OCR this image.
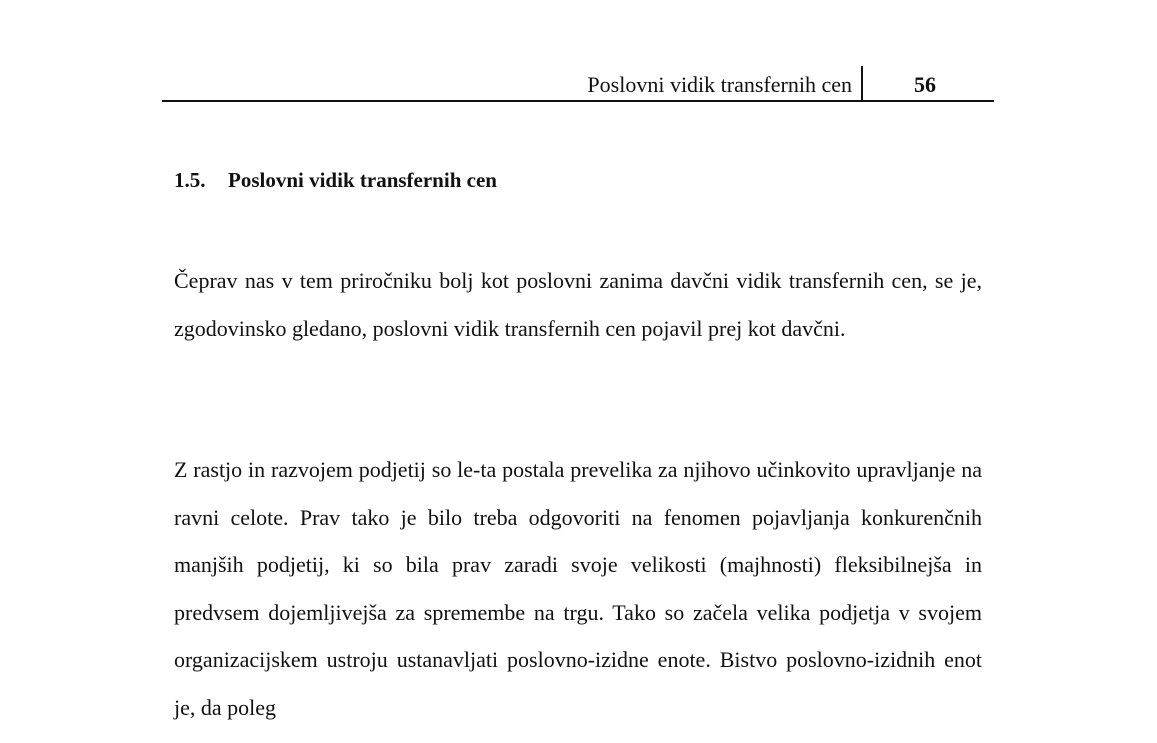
Poslovni vidik transfernih cen	56
1.5. Poslovni vidik transfernih cen

Čeprav nas v tem priročniku bolj kot poslovni zanima davčni vidik transfernih cen, se je, zgodovinsko gledano, poslovni vidik transfernih cen pojavil prej kot davčni.

Z rastjo in razvojem podjetij so le-ta postala prevelika za njihovo učinkovito upravljanje na ravni celote. Prav tako je bilo treba odgovoriti na fenomen pojavljanja konkurenčnih manjših podjetij, ki so bila prav zaradi svoje velikosti (majhnosti) fleksibilnejša in predvsem dojemljivejša za spremembe na trgu. Tako so začela velika podjetja v svojem organizacijskem ustroju ustanavljati poslovno-izidne enote. Bistvo poslovno-izidnih enot je, da poleg
